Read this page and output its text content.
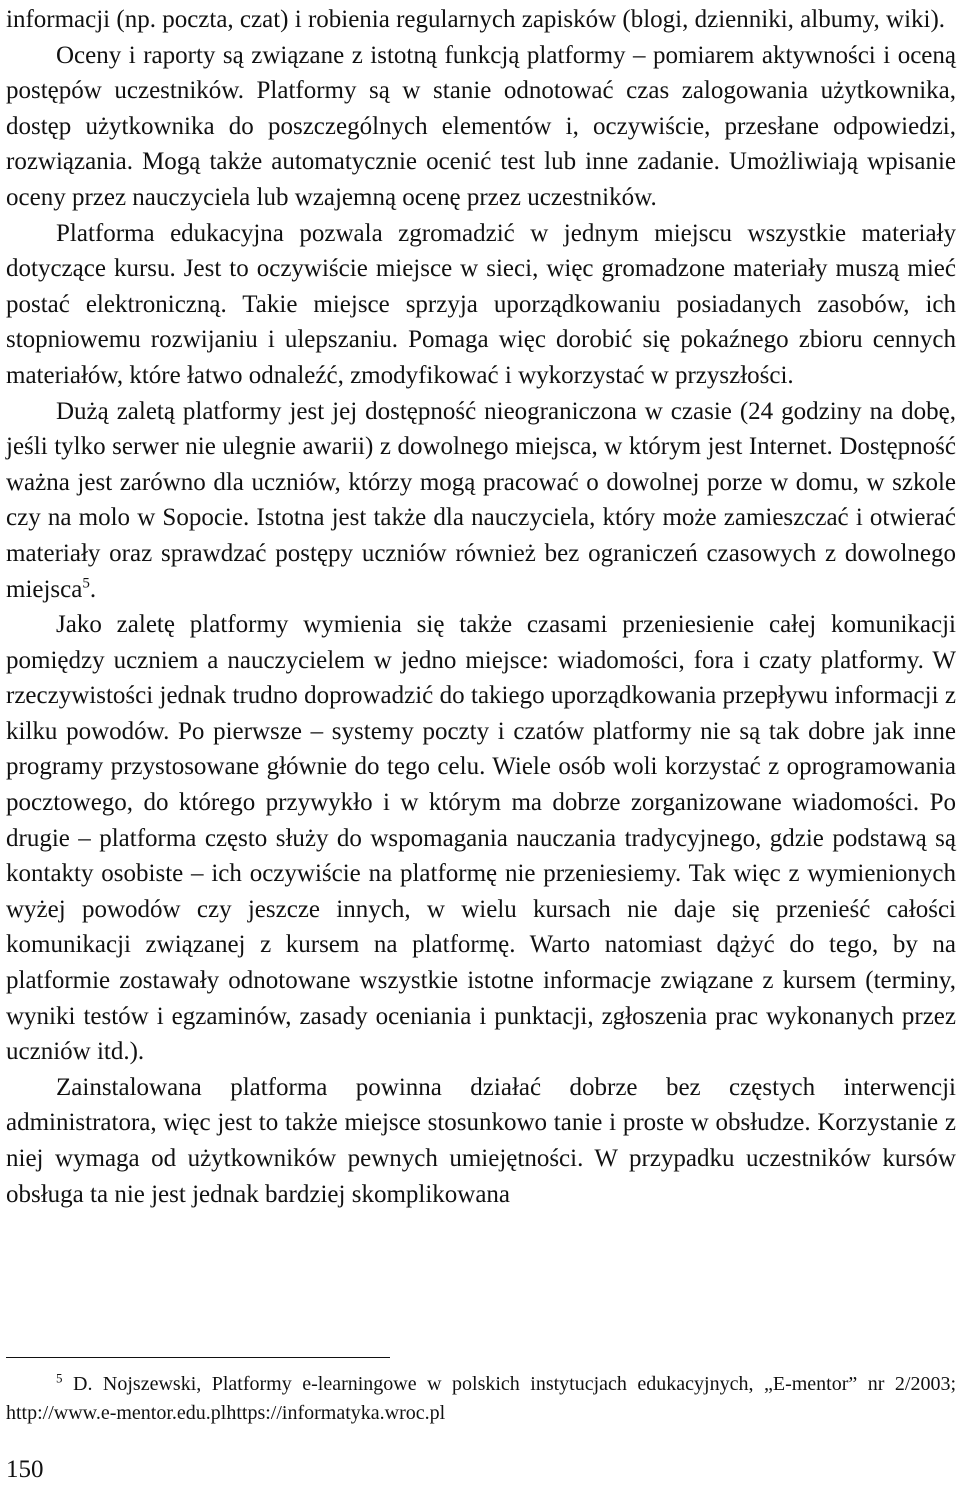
informacji (np. poczta, czat) i robienia regularnych zapisków (blogi, dzienniki, albumy, wiki).

Oceny i raporty są związane z istotną funkcją platformy – pomiarem aktywności i oceną postępów uczestników. Platformy są w stanie odnotować czas zalogowania użytkownika, dostęp użytkownika do poszczególnych elementów i, oczywiście, przesłane odpowiedzi, rozwiązania. Mogą także automatycznie ocenić test lub inne zadanie. Umożliwiają wpisanie oceny przez nauczyciela lub wzajemną ocenę przez uczestników.

Platforma edukacyjna pozwala zgromadzić w jednym miejscu wszystkie materiały dotyczące kursu. Jest to oczywiście miejsce w sieci, więc gromadzone materiały muszą mieć postać elektroniczną. Takie miejsce sprzyja uporządkowaniu posiadanych zasobów, ich stopniowemu rozwijaniu i ulepszaniu. Pomaga więc dorobić się pokaźnego zbioru cennych materiałów, które łatwo odnaleźć, zmodyfikować i wykorzystać w przyszłości.

Dużą zaletą platformy jest jej dostępność nieograniczona w czasie (24 godziny na dobę, jeśli tylko serwer nie ulegnie awarii) z dowolnego miejsca, w którym jest Internet. Dostępność ważna jest zarówno dla uczniów, którzy mogą pracować o dowolnej porze w domu, w szkole czy na molo w Sopocie. Istotna jest także dla nauczyciela, który może zamieszczać i otwierać materiały oraz sprawdzać postępy uczniów również bez ograniczeń czasowych z dowolnego miejsca$^5$.

Jako zaletę platformy wymienia się także czasami przeniesienie całej komunikacji pomiędzy uczniem a nauczycielem w jedno miejsce: wiadomości, fora i czaty platformy. W rzeczywistości jednak trudno doprowadzić do takiego uporządkowania przepływu informacji z kilku powodów. Po pierwsze – systemy poczty i czatów platformy nie są tak dobre jak inne programy przystosowane głównie do tego celu. Wiele osób woli korzystać z oprogramowania pocztowego, do którego przywykło i w którym ma dobrze zorganizowane wiadomości. Po drugie – platforma często służy do wspomagania nauczania tradycyjnego, gdzie podstawą są kontakty osobiste – ich oczywiście na platformę nie przeniesiemy. Tak więc z wymienionych wyżej powodów czy jeszcze innych, w wielu kursach nie daje się przenieść całości komunikacji związanej z kursem na platformę. Warto natomiast dążyć do tego, by na platformie zostawały odnotowane wszystkie istotne informacje związane z kursem (terminy, wyniki testów i egzaminów, zasady oceniania i punktacji, zgłoszenia prac wykonanych przez uczniów itd.).

Zainstalowana platforma powinna działać dobrze bez częstych interwencji administratora, więc jest to także miejsce stosunkowo tanie i proste w obsłudze. Korzystanie z niej wymaga od użytkowników pewnych umiejętności. W przypadku uczestników kursów obsługa ta nie jest jednak bardziej skomplikowana

$^5$ D. Nojszewski, Platformy e-learningowe w polskich instytucjach edukacyjnych, „E-mentor” nr 2/2003; http://www.e-mentor.edu.plhttps://informatyka.wroc.pl
150
